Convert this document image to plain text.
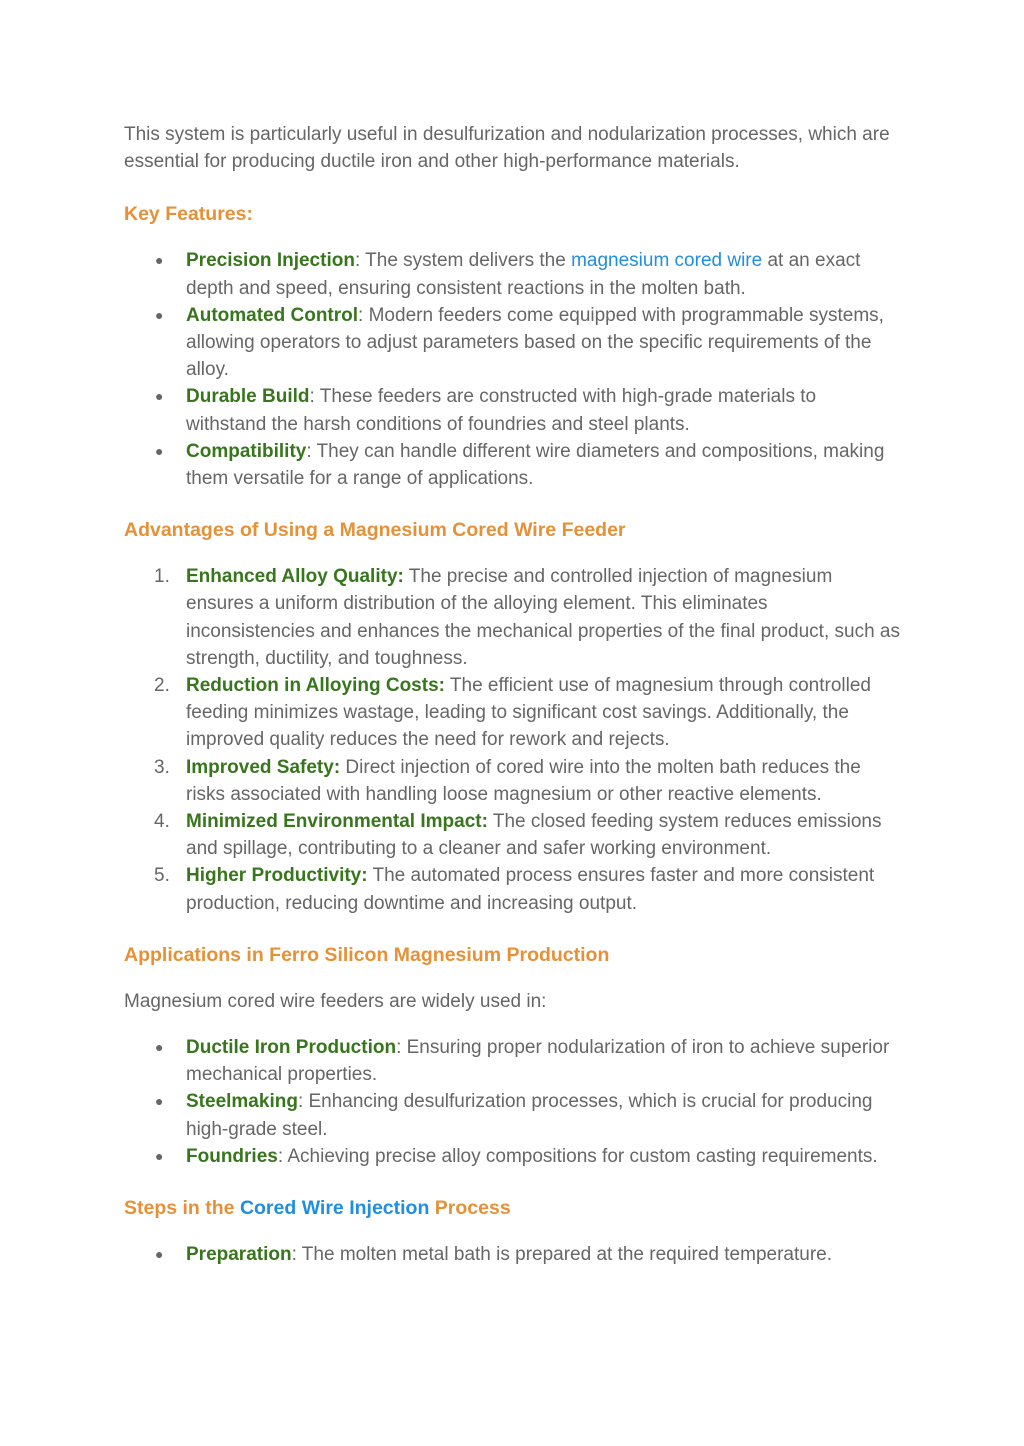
This system is particularly useful in desulfurization and nodularization processes, which are essential for producing ductile iron and other high-performance materials.

Key Features:
● Precision Injection: The system delivers the magnesium cored wire at an exact depth and speed, ensuring consistent reactions in the molten bath.
● Automated Control: Modern feeders come equipped with programmable systems, allowing operators to adjust parameters based on the specific requirements of the alloy.
● Durable Build: These feeders are constructed with high-grade materials to withstand the harsh conditions of foundries and steel plants.
● Compatibility: They can handle different wire diameters and compositions, making them versatile for a range of applications.
Advantages of Using a Magnesium Cored Wire Feeder
1. Enhanced Alloy Quality: The precise and controlled injection of magnesium ensures a uniform distribution of the alloying element. This eliminates inconsistencies and enhances the mechanical properties of the final product, such as strength, ductility, and toughness.
2. Reduction in Alloying Costs: The efficient use of magnesium through controlled feeding minimizes wastage, leading to significant cost savings. Additionally, the improved quality reduces the need for rework and rejects.
3. Improved Safety: Direct injection of cored wire into the molten bath reduces the risks associated with handling loose magnesium or other reactive elements.
4. Minimized Environmental Impact: The closed feeding system reduces emissions and spillage, contributing to a cleaner and safer working environment.
5. Higher Productivity: The automated process ensures faster and more consistent production, reducing downtime and increasing output.
Applications in Ferro Silicon Magnesium Production

Magnesium cored wire feeders are widely used in:

● Ductile Iron Production: Ensuring proper nodularization of iron to achieve superior mechanical properties.
● Steelmaking: Enhancing desulfurization processes, which is crucial for producing high-grade steel.
● Foundries: Achieving precise alloy compositions for custom casting requirements.
Steps in the Cored Wire Injection Process
● Preparation: The molten metal bath is prepared at the required temperature.
